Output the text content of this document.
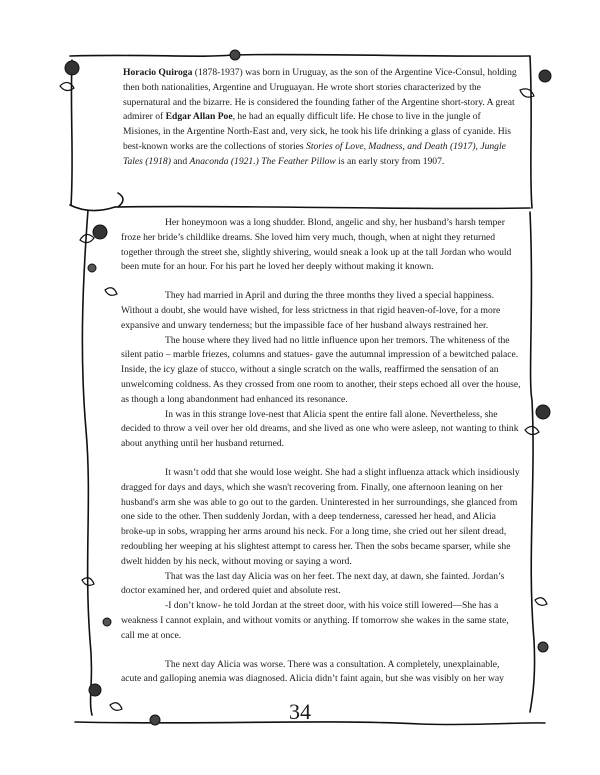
Horacio Quiroga (1878-1937) was born in Uruguay, as the son of the Argentine Vice-Consul, holding then both nationalities, Argentine and Uruguayan. He wrote short stories characterized by the supernatural and the bizarre. He is considered the founding father of the Argentine short-story. A great admirer of Edgar Allan Poe, he had an equally difficult life. He chose to live in the jungle of Misiones, in the Argentine North-East and, very sick, he took his life drinking a glass of cyanide. His best-known works are the collections of stories Stories of Love, Madness, and Death (1917), Jungle Tales (1918) and Anaconda (1921.) The Feather Pillow is an early story from 1907.

Her honeymoon was a long shudder. Blond, angelic and shy, her husband’s harsh temper froze her bride’s childlike dreams. She loved him very much, though, when at night they returned together through the street she, slightly shivering, would sneak a look up at the tall Jordan who would been mute for an hour. For his part he loved her deeply without making it known.

They had married in April and during the three months they lived a special happiness. Without a doubt, she would have wished, for less strictness in that rigid heaven-of-love, for a more expansive and unwary tenderness; but the impassible face of her husband always restrained her.

The house where they lived had no little influence upon her tremors. The whiteness of the silent patio – marble friezes, columns and statues- gave the autumnal impression of a bewitched palace. Inside, the icy glaze of stucco, without a single scratch on the walls, reaffirmed the sensation of an unwelcoming coldness. As they crossed from one room to another, their steps echoed all over the house, as though a long abandonment had enhanced its resonance.

In was in this strange love-nest that Alicia spent the entire fall alone. Nevertheless, she decided to throw a veil over her old dreams, and she lived as one who were asleep, not wanting to think about anything until her husband returned.

It wasn’t odd that she would lose weight. She had a slight influenza attack which insidiously dragged for days and days, which she wasn't recovering from. Finally, one afternoon leaning on her husband's arm she was able to go out to the garden. Uninterested in her surroundings, she glanced from one side to the other. Then suddenly Jordan, with a deep tenderness, caressed her head, and Alicia broke-up in sobs, wrapping her arms around his neck. For a long time, she cried out her silent dread, redoubling her weeping at his slightest attempt to caress her. Then the sobs became sparser, while she dwelt hidden by his neck, without moving or saying a word.

That was the last day Alicia was on her feet. The next day, at dawn, she fainted. Jordan’s doctor examined her, and ordered quiet and absolute rest.

-I don’t know- he told Jordan at the street door, with his voice still lowered—She has a weakness I cannot explain, and without vomits or anything. If tomorrow she wakes in the same state, call me at once.

The next day Alicia was worse. There was a consultation. A completely, unexplainable, acute and galloping anemia was diagnosed. Alicia didn’t faint again, but she was visibly on her way

34
